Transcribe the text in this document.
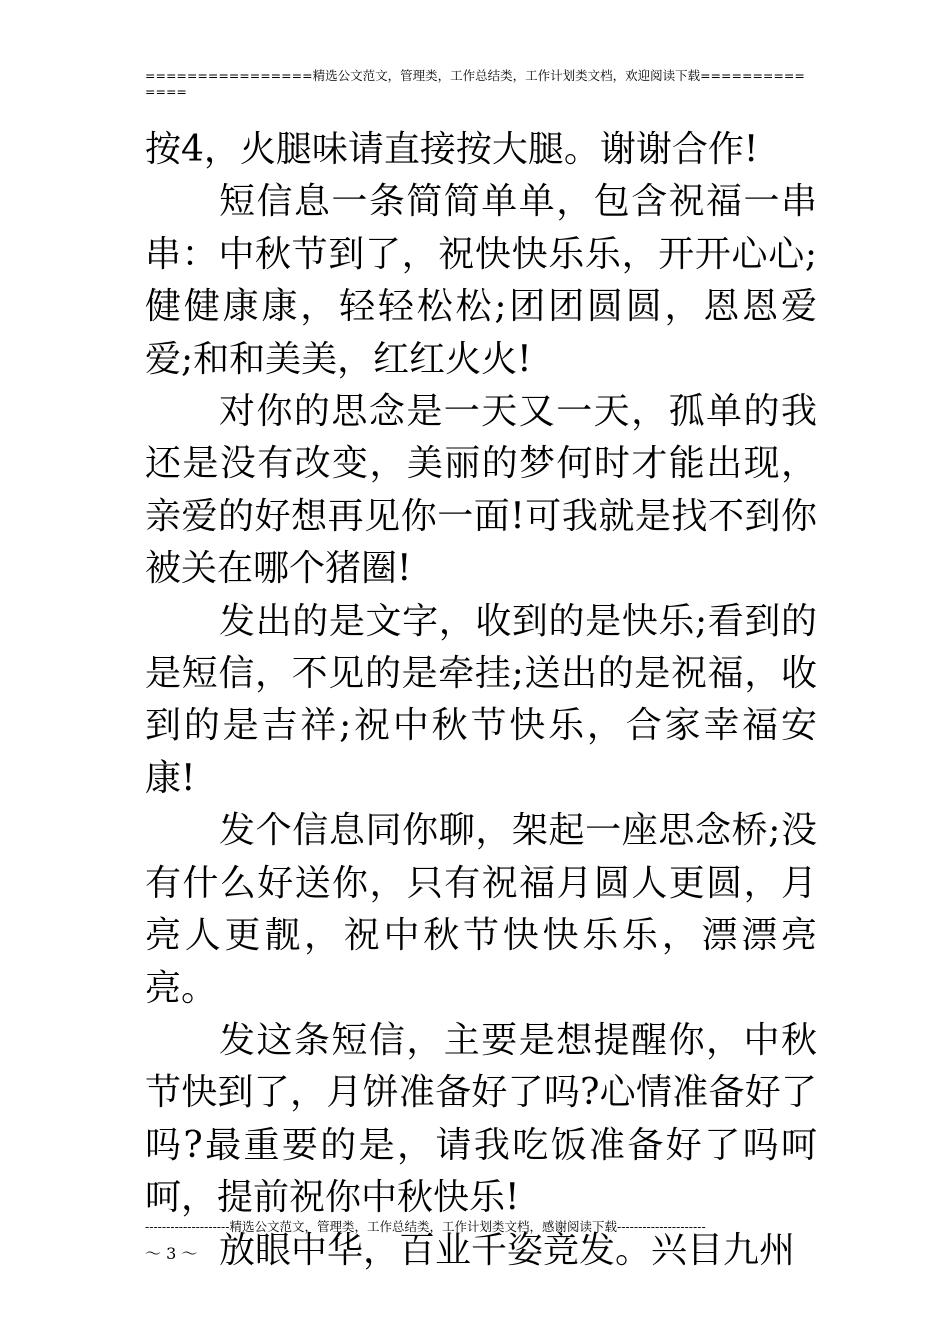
================精选公文范文，管理类，工作总结类，工作计划类文档，欢迎阅读下载==============

按4，火腿味请直接按大腿。谢谢合作!

短信息一条简简单单，包含祝福一串串：中秋节到了，祝快快乐乐，开开心心;健健康康，轻轻松松;团团圆圆，恩恩爱爱;和和美美，红红火火!

对你的思念是一天又一天，孤单的我还是没有改变，美丽的梦何时才能出现，亲爱的好想再见你一面!可我就是找不到你被关在哪个猪圈!

发出的是文字，收到的是快乐;看到的是短信，不见的是牵挂;送出的是祝福，收到的是吉祥;祝中秋节快乐，合家幸福安康!

发个信息同你聊，架起一座思念桥;没有什么好送你，只有祝福月圆人更圆，月亮人更靓，祝中秋节快快乐乐，漂漂亮亮。

发这条短信，主要是想提醒你，中秋节快到了，月饼准备好了吗?心情准备好了吗?最重要的是，请我吃饭准备好了吗呵呵，提前祝你中秋快乐!

放眼中华，百业千姿竞发。兴目九州

--------------------精选公文范文，管理类，工作总结类，工作计划类文档，感谢阅读下载---------------------
～ 3 ～
